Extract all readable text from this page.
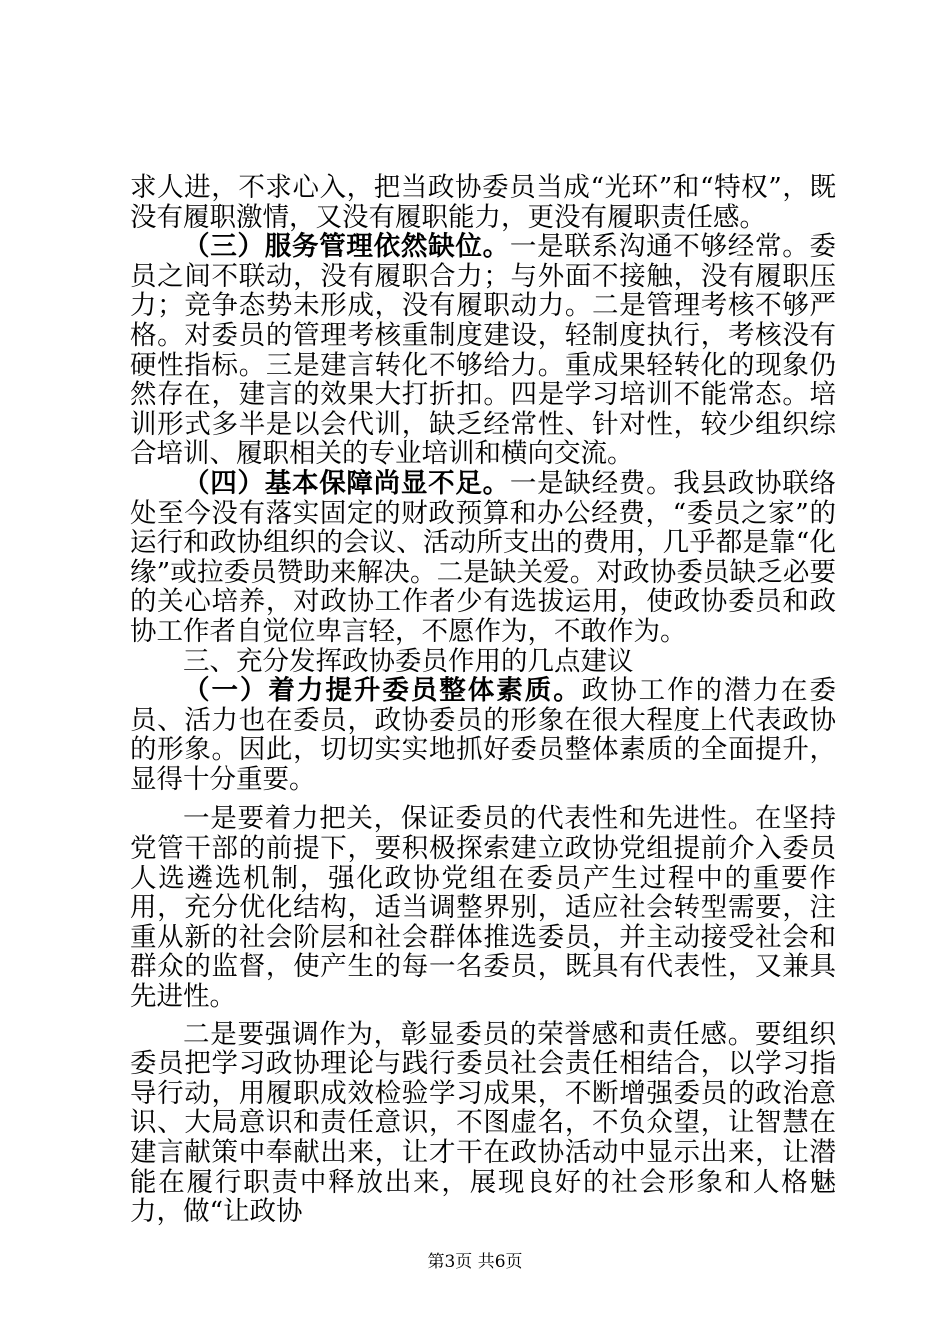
求人进，不求心入，把当政协委员当成“光环”和“特权”，既没有履职激情，又没有履职能力，更没有履职责任感。

（三）服务管理依然缺位。一是联系沟通不够经常。委员之间不联动，没有履职合力；与外面不接触，没有履职压力；竞争态势未形成，没有履职动力。二是管理考核不够严格。对委员的管理考核重制度建设，轻制度执行，考核没有硬性指标。三是建言转化不够给力。重成果轻转化的现象仍然存在，建言的效果大打折扣。四是学习培训不能常态。培训形式多半是以会代训，缺乏经常性、针对性，较少组织综合培训、履职相关的专业培训和横向交流。

（四）基本保障尚显不足。一是缺经费。我县政协联络处至今没有落实固定的财政预算和办公经费，“委员之家”的运行和政协组织的会议、活动所支出的费用，几乎都是靠“化缘”或拉委员赞助来解决。二是缺关爱。对政协委员缺乏必要的关心培养，对政协工作者少有选拔运用，使政协委员和政协工作者自觉位卑言轻，不愿作为，不敢作为。

三、充分发挥政协委员作用的几点建议

（一）着力提升委员整体素质。政协工作的潜力在委员、活力也在委员，政协委员的形象在很大程度上代表政协的形象。因此，切切实实地抓好委员整体素质的全面提升，显得十分重要。

一是要着力把关，保证委员的代表性和先进性。在坚持党管干部的前提下，要积极探索建立政协党组提前介入委员人选遴选机制，强化政协党组在委员产生过程中的重要作用，充分优化结构，适当调整界别，适应社会转型需要，注重从新的社会阶层和社会群体推选委员，并主动接受社会和群众的监督，使产生的每一名委员，既具有代表性，又兼具先进性。

二是要强调作为，彰显委员的荣誉感和责任感。要组织委员把学习政协理论与践行委员社会责任相结合，以学习指导行动，用履职成效检验学习成果，不断增强委员的政治意识、大局意识和责任意识，不图虚名，不负众望，让智慧在建言献策中奉献出来，让才干在政协活动中显示出来，让潜能在履行职责中释放出来，展现良好的社会形象和人格魅力，做“让政协

第3页 共6页
